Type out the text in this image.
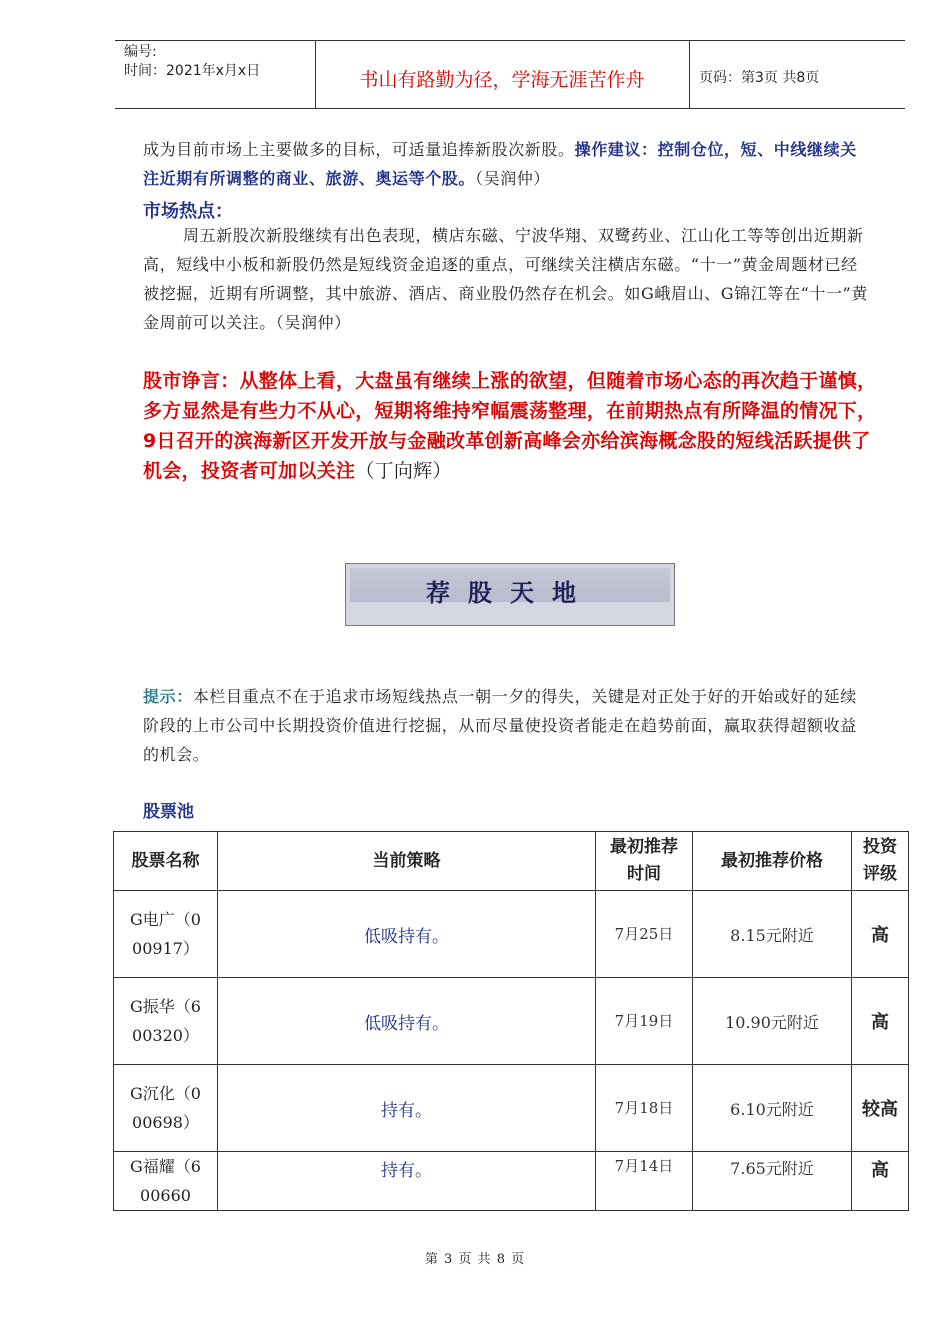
编号:
时间：2021年x月x日	书山有路勤为径，学海无涯苦作舟	页码：第3页 共8页
成为目前市场上主要做多的目标，可适量追捧新股次新股。操作建议：控制仓位，短、中线继续关注近期有所调整的商业、旅游、奥运等个股。（吴润仲）
市场热点：
周五新股次新股继续有出色表现，横店东磁、宁波华翔、双鹭药业、江山化工等等创出近期新高，短线中小板和新股仍然是短线资金追逐的重点，可继续关注横店东磁。“十一”黄金周题材已经被挖掘，近期有所调整，其中旅游、酒店、商业股仍然存在机会。如G峨眉山、G锦江等在“十一”黄金周前可以关注。（吴润仲）
股市诤言：从整体上看，大盘虽有继续上涨的欲望，但随着市场心态的再次趋于谨慎，多方显然是有些力不从心，短期将维持窄幅震荡整理，在前期热点有所降温的情况下，9日召开的滨海新区开发开放与金融改革创新高峰会亦给滨海概念股的短线活跃提供了机会，投资者可加以关注（丁向辉）
荐股天地
提示：本栏目重点不在于追求市场短线热点一朝一夕的得失，关键是对正处于好的开始或好的延续阶段的上市公司中长期投资价值进行挖掘，从而尽量使投资者能走在趋势前面，赢取获得超额收益的机会。
股票池
股票名称	当前策略	最初推荐时间	最初推荐价格	投资评级

G电广（000917）	低吸持有。	7月25日	8.15元附近	高

G振华（600320）	低吸持有。	7月19日	10.90元附近	高

G沉化（000698）	持有。	7月18日	6.10元附近	较高

G福耀（600660	持有。	7月14日	7.65元附近	高
第 3 页 共 8 页
